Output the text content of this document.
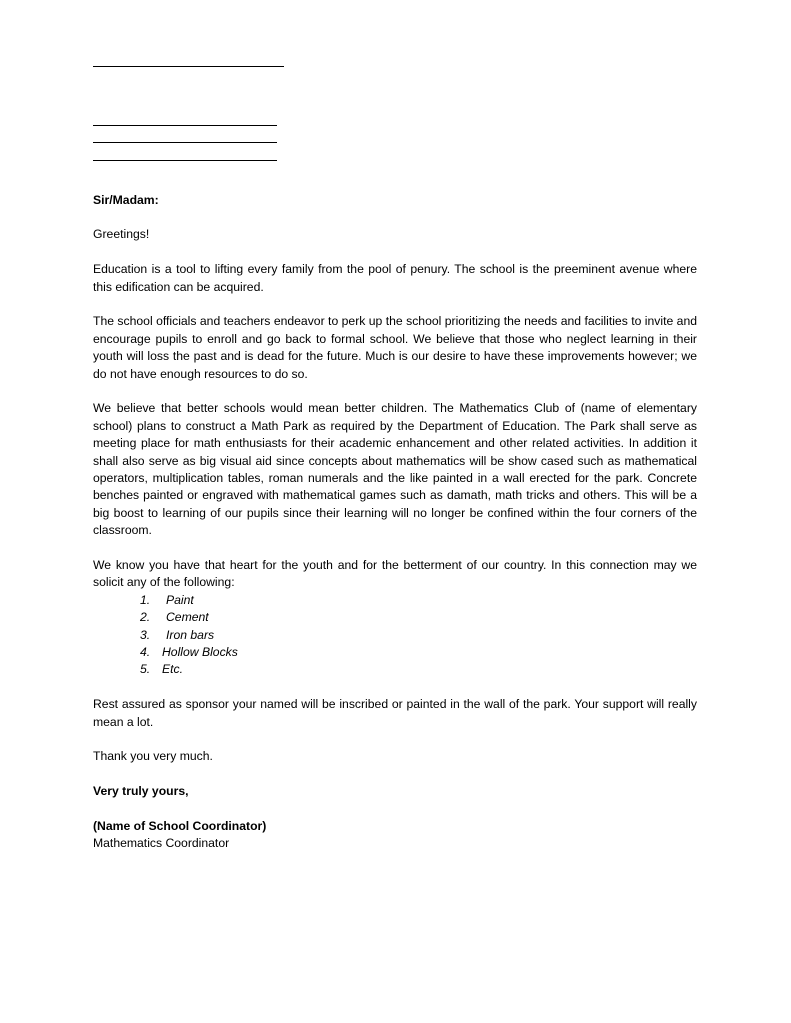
Sir/Madam:

Greetings!

Education is a tool to lifting every family from the pool of penury. The school is the preeminent avenue where this edification can be acquired.

The school officials and teachers endeavor to perk up the school prioritizing the needs and facilities to invite and encourage pupils to enroll and go back to formal school. We believe that those who neglect learning in their youth will loss the past and is dead for the future. Much is our desire to have these improvements however; we do not have enough resources to do so.

We believe that better schools would mean better children. The Mathematics Club of (name of elementary school) plans to construct a Math Park as required by the Department of Education. The Park shall serve as meeting place for math enthusiasts for their academic enhancement and other related activities. In addition it shall also serve as big visual aid since concepts about mathematics will be show cased such as mathematical operators, multiplication tables, roman numerals and the like painted in a wall erected for the park. Concrete benches painted or engraved with mathematical games such as damath, math tricks and others. This will be a big boost to learning of our pupils since their learning will no longer be confined within the four corners of the classroom.

We know you have that heart for the youth and for the betterment of our country. In this connection may we solicit any of the following:

1.	Paint
2.	Cement
3.	Iron bars
4. Hollow Blocks
5. Etc.

Rest assured as sponsor your named will be inscribed or painted in the wall of the park. Your support will really mean a lot.

Thank you very much.

Very truly yours,

(Name of School Coordinator)

Mathematics Coordinator
